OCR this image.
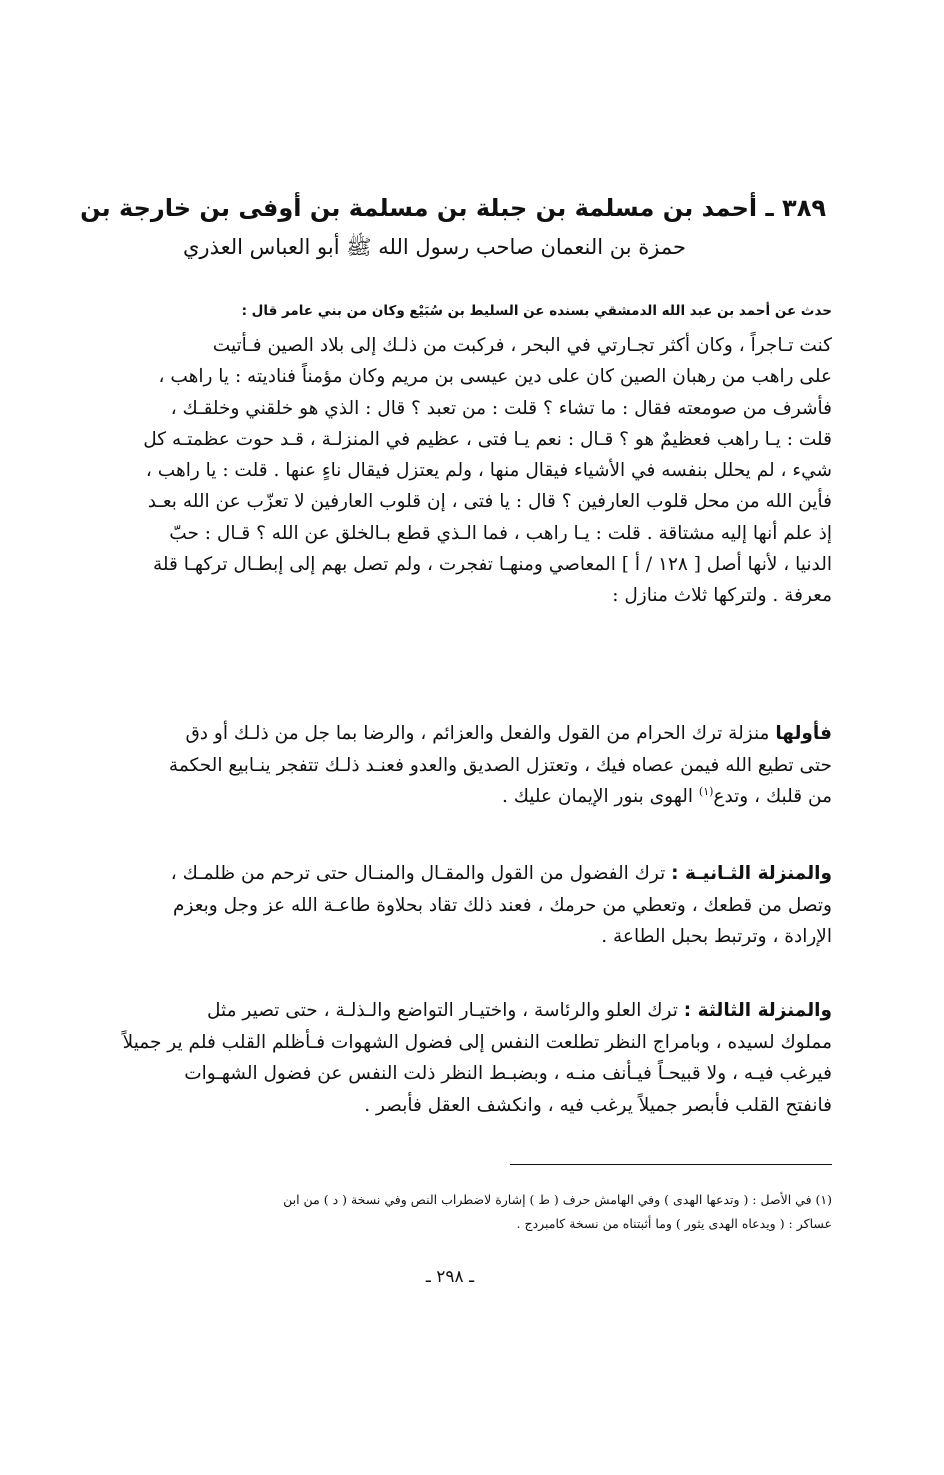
٣٨٩ ـ أحمد بن مسلمة بن جبلة بن مسلمة بن أوفى بن خارجة بن
حمزة بن النعمان صاحب رسول الله ﷺ أبو العباس العذري
حدث عن أحمد بن عبد الله الدمشقي بسنده عن السليط بن سُبَيْع وكان من بني عامر قال :
كنت تـاجراً ، وكان أكثر تجـارتي في البحر ، فركبت من ذلـك إلى بلاد الصين فـأتيت
على راهب من رهبان الصين كان على دين عيسى بن مريم وكان مؤمناً فناديته : يا راهب ،
فأشرف من صومعته فقال : ما تشاء ؟ قلت : من تعبد ؟ قال : الذي هو خلقني وخلقـك ،
قلت : يـا راهب فعظيمٌ هو ؟ قـال : نعم يـا فتى ، عظيم في المنزلـة ، قـد حوت عظمتـه كل
شيء ، لم يحلل بنفسه في الأشياء فيقال منها ، ولم يعتزل فيقال ناءٍ عنها . قلت : يا راهب ،
فأين الله من محل قلوب العارفين ؟ قال : يا فتى ، إن قلوب العارفين لا تعزّب عن الله بعـد
إذ علم أنها إليه مشتاقة . قلت : يـا راهب ، فما الـذي قطع بـالخلق عن الله ؟ قـال : حبّ
الدنيا ، لأنها أصل [ ١٢٨ / أ ] المعاصي ومنهـا تفجرت ، ولم تصل بهم إلى إبطـال تركهـا قلة
معرفة . ولتركها ثلاث منازل :
فأولها منزلة ترك الحرام من القول والفعل والعزائم ، والرضا بما جل من ذلـك أو دق
حتى تطيع الله فيمن عصاه فيك ، وتعتزل الصديق والعدو فعنـد ذلـك تتفجر ينـابيع الحكمة
من قلبك ، وتدع$^{(١)}$ الهوى بنور الإيمان عليك .
والمنزلة الثـانيـة : ترك الفضول من القول والمقـال والمنـال حتى ترحم من ظلمـك ،
وتصل من قطعك ، وتعطي من حرمك ، فعند ذلك تقاد بحلاوة طاعـة الله عز وجل وبعزم
الإرادة ، وترتبط بحبل الطاعة .
والمنزلة الثالثة : ترك العلو والرئاسة ، واختيـار التواضع والـذلـة ، حتى تصير مثل
مملوك لسيده ، وبامراج النظر تطلعت النفس إلى فضول الشهوات فـأظلم القلب فلم ير جميلاً
فيرغب فيـه ، ولا قبيحـاً فيـأنف منـه ، وبضبـط النظر ذلت النفس عن فضول الشهـوات
فانفتح القلب فأبصر جميلاً يرغب فيه ، وانكشف العقل فأبصر .
(١) في الأصل : ( وتدعها الهدى ) وفي الهامش حرف ( ط ) إشارة لاضطراب النص وفي نسخة ( د ) من ابن
عساكر : ( ويدعاه الهدى يثور ) وما أثبتناه من نسخة كامبردج .
ـ ٢٩٨ ـ
